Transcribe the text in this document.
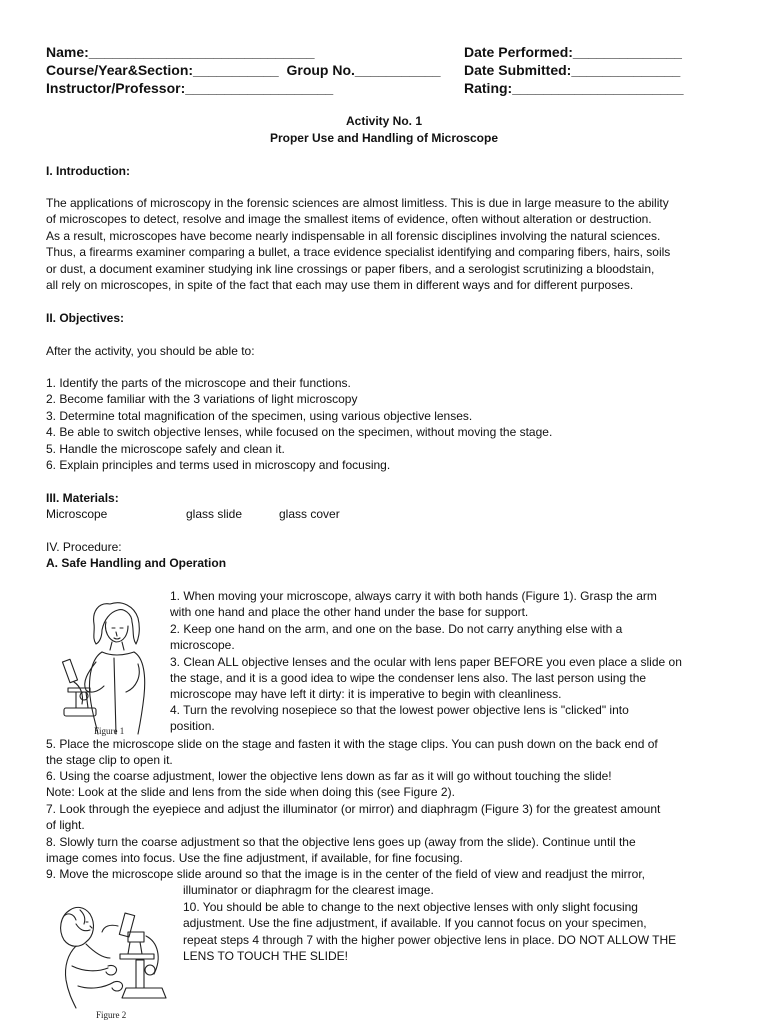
Name:_____________________________
Course/Year&Section:___________  Group No.___________
Instructor/Professor:___________________
Date Performed:______________
Date Submitted:______________
Rating:______________________
Activity No. 1
Proper Use and Handling of Microscope
I. Introduction:
The applications of microscopy in the forensic sciences are almost limitless. This is due in large measure to the ability
of microscopes to detect, resolve and image the smallest items of evidence, often without alteration or destruction.
As a result, microscopes have become nearly indispensable in all forensic disciplines involving the natural sciences.
Thus, a firearms examiner comparing a bullet, a trace evidence specialist identifying and comparing fibers, hairs, soils
or dust, a document examiner studying ink line crossings or paper fibers, and a serologist scrutinizing a bloodstain,
all rely on microscopes, in spite of the fact that each may use them in different ways and for different purposes.
II. Objectives:
After the activity, you should be able to:
1. Identify the parts of the microscope and their functions.
2. Become familiar with the 3 variations of light microscopy
3. Determine total magnification of the specimen, using various objective lenses.
4. Be able to switch objective lenses, while focused on the specimen, without moving the stage.
5. Handle the microscope safely and clean it.
6. Explain principles and terms used in microscopy and focusing.
III. Materials:
Microscope	glass slide	glass cover
IV. Procedure:
A. Safe Handling and Operation
Figure 1
1. When moving your microscope, always carry it with both hands (Figure 1). Grasp the arm
with one hand and place the other hand under the base for support.
2. Keep one hand on the arm, and one on the base. Do not carry anything else with a
microscope.
3. Clean ALL objective lenses and the ocular with lens paper BEFORE you even place a slide on
the stage, and it is a good idea to wipe the condenser lens also. The last person using the
microscope may have left it dirty: it is imperative to begin with cleanliness.
4. Turn the revolving nosepiece so that the lowest power objective lens is "clicked" into
position.
5. Place the microscope slide on the stage and fasten it with the stage clips. You can push down on the back end of
the stage clip to open it.
6. Using the coarse adjustment, lower the objective lens down as far as it will go without touching the slide!
Note: Look at the slide and lens from the side when doing this (see Figure 2).
7. Look through the eyepiece and adjust the illuminator (or mirror) and diaphragm (Figure 3) for the greatest amount
of light.
8. Slowly turn the coarse adjustment so that the objective lens goes up (away from the slide). Continue until the
image comes into focus. Use the fine adjustment, if available, for fine focusing.
9. Move the microscope slide around so that the image is in the center of the field of view and readjust the mirror,
Figure 2
illuminator or diaphragm for the clearest image.
10. You should be able to change to the next objective lenses with only slight focusing
adjustment. Use the fine adjustment, if available. If you cannot focus on your specimen,
repeat steps 4 through 7 with the higher power objective lens in place. DO NOT ALLOW THE
LENS TO TOUCH THE SLIDE!
